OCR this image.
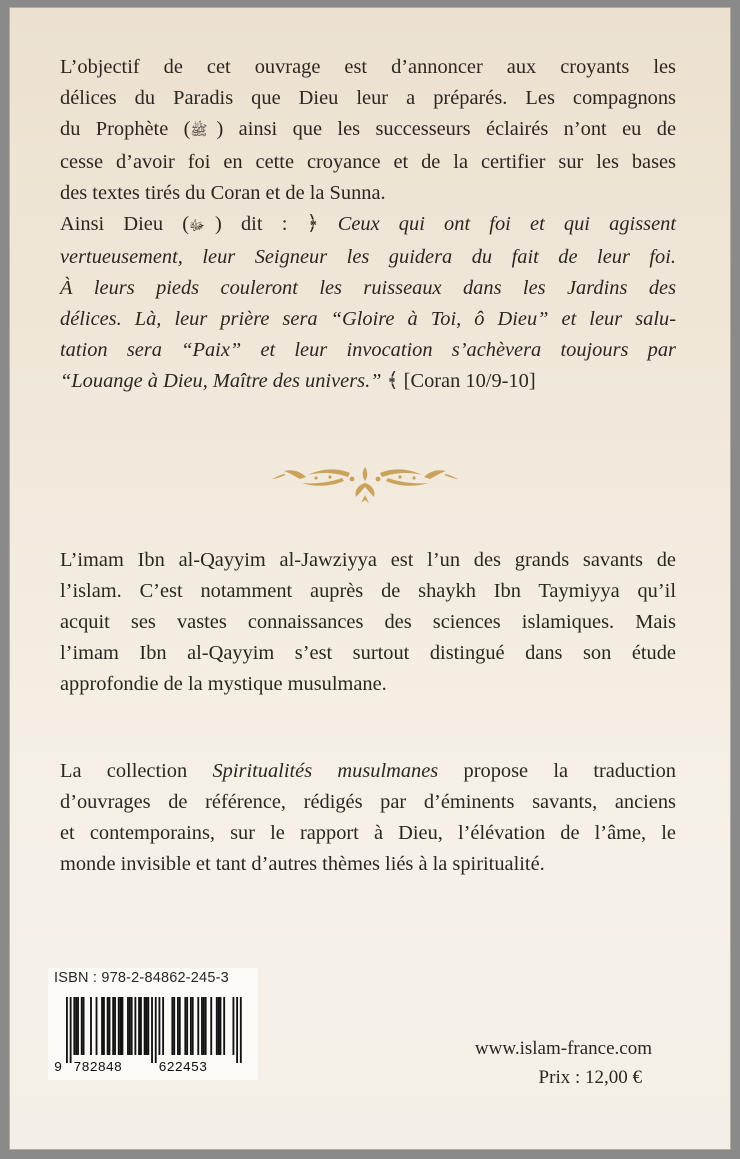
L’objectif de cet ouvrage est d’annoncer aux croyants les
délices du Paradis que Dieu leur a préparés. Les compagnons
du Prophète (ﷺ ) ainsi que les successeurs éclairés n’ont eu de
cesse d’avoir foi en cette croyance et de la certifier sur les bases
des textes tirés du Coran et de la Sunna.
Ainsi Dieu (ﷻ ) dit : ﴿ Ceux qui ont foi et qui agissent
vertueusement, leur Seigneur les guidera du fait de leur foi.
À leurs pieds couleront les ruisseaux dans les Jardins des
délices. Là, leur prière sera “Gloire à Toi, ô Dieu” et leur salu-
tation sera “Paix” et leur invocation s’achèvera toujours par
“Louange à Dieu, Maître des univers.” ﴾ [Coran 10/9-10]
L’imam Ibn al-Qayyim al-Jawziyya est l’un des grands savants de
l’islam. C’est notamment auprès de shaykh Ibn Taymiyya qu’il
acquit ses vastes connaissances des sciences islamiques. Mais
l’imam Ibn al-Qayyim s’est surtout distingué dans son étude
approfondie de la mystique musulmane.
La collection Spiritualités musulmanes propose la traduction
d’ouvrages de référence, rédigés par d’éminents savants, anciens
et contemporains, sur le rapport à Dieu, l’élévation de l’âme, le
monde invisible et tant d’autres thèmes liés à la spiritualité.
ISBN : 978-2-84862-245-3
9 782848	622453
www.islam-france.com
Prix : 12,00 €
